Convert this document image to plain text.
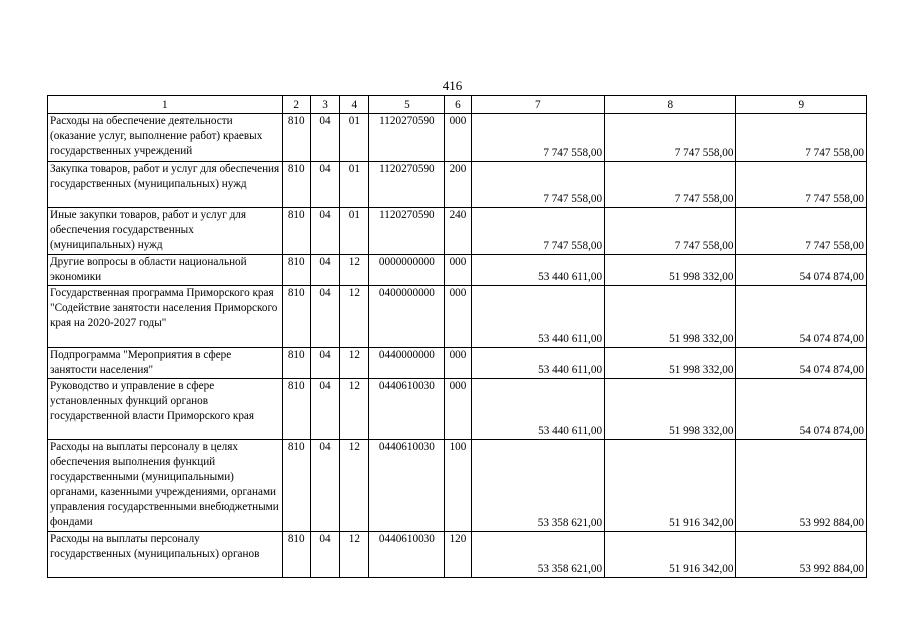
416
1	2	3	4	5	6	7	8	9
Расходы на обеспечение деятельности (оказание услуг, выполнение работ) краевых государственных учреждений	810	04	01	1120270590	000	7 747 558,00	7 747 558,00	7 747 558,00
Закупка товаров, работ и услуг для обеспечения государственных (муниципальных) нужд	810	04	01	1120270590	200	7 747 558,00	7 747 558,00	7 747 558,00
Иные закупки товаров, работ и услуг для обеспечения государственных (муниципальных) нужд	810	04	01	1120270590	240	7 747 558,00	7 747 558,00	7 747 558,00
Другие вопросы в области национальной экономики	810	04	12	0000000000	000	53 440 611,00	51 998 332,00	54 074 874,00
Государственная программа Приморского края "Содействие занятости населения Приморского края на 2020-2027 годы"	810	04	12	0400000000	000	53 440 611,00	51 998 332,00	54 074 874,00
Подпрограмма "Мероприятия в сфере занятости населения"	810	04	12	0440000000	000	53 440 611,00	51 998 332,00	54 074 874,00
Руководство и управление в сфере установленных функций органов государственной власти Приморского края	810	04	12	0440610030	000	53 440 611,00	51 998 332,00	54 074 874,00
Расходы на выплаты персоналу в целях обеспечения выполнения функций государственными (муниципальными) органами, казенными учреждениями, органами управления государственными внебюджетными фондами	810	04	12	0440610030	100	53 358 621,00	51 916 342,00	53 992 884,00
Расходы на выплаты персоналу государственных (муниципальных) органов	810	04	12	0440610030	120	53 358 621,00	51 916 342,00	53 992 884,00
